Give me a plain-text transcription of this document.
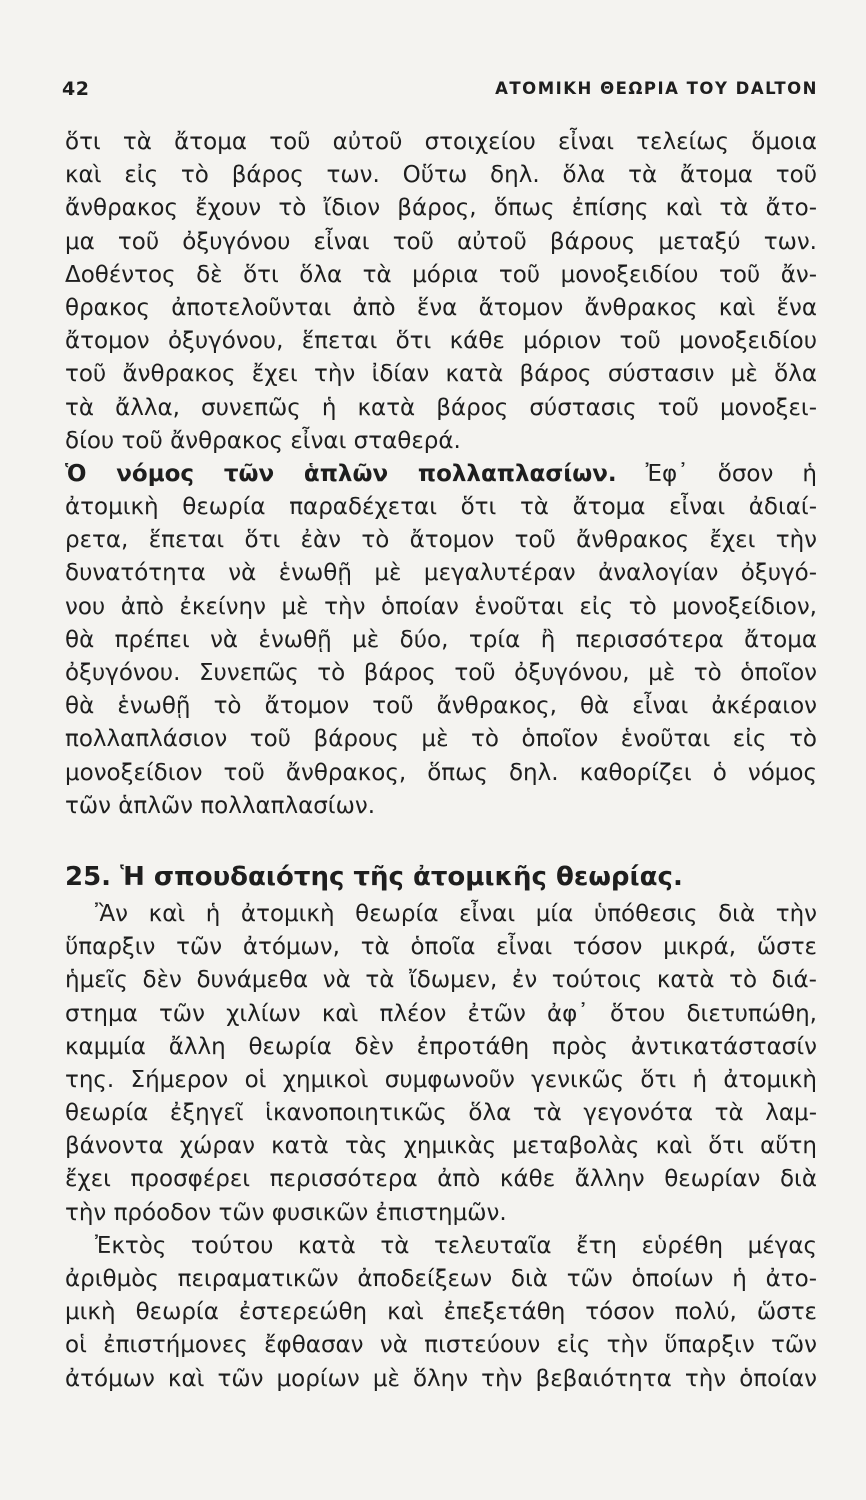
42	ΑΤΟΜΙΚΗ ΘΕΩΡΙΑ ΤΟΥ DALTON
ὅτι τὰ ἄτομα τοῦ αὐτοῦ στοιχείου εἶναι τελείως ὅμοια
καὶ εἰς τὸ βάρος των. Οὕτω δηλ. ὅλα τὰ ἄτομα τοῦ
ἄνθρακος ἔχουν τὸ ἴδιον βάρος, ὅπως ἐπίσης καὶ τὰ ἄτο-
μα τοῦ ὀξυγόνου εἶναι τοῦ αὐτοῦ βάρους μεταξύ των.
Δοθέντος δὲ ὅτι ὅλα τὰ μόρια τοῦ μονοξειδίου τοῦ ἄν-
θρακος ἀποτελοῦνται ἀπὸ ἕνα ἄτομον ἄνθρακος καὶ ἕνα
ἄτομον ὀξυγόνου, ἕπεται ὅτι κάθε μόριον τοῦ μονοξειδίου
τοῦ ἄνθρακος ἔχει τὴν ἰδίαν κατὰ βάρος σύστασιν μὲ ὅλα
τὰ ἄλλα, συνεπῶς ἡ κατὰ βάρος σύστασις τοῦ μονοξει-
δίου τοῦ ἄνθρακος εἶναι σταθερά.
Ὁ νόμος τῶν ἁπλῶν πολλαπλασίων. Ἐφ᾽ ὅσον ἡ
ἀτομικὴ θεωρία παραδέχεται ὅτι τὰ ἄτομα εἶναι ἀδιαί-
ρετα, ἕπεται ὅτι ἐὰν τὸ ἄτομον τοῦ ἄνθρακος ἔχει τὴν
δυνατότητα νὰ ἑνωθῇ μὲ μεγαλυτέραν ἀναλογίαν ὀξυγό-
νου ἀπὸ ἐκείνην μὲ τὴν ὁποίαν ἑνοῦται εἰς τὸ μονοξείδιον,
θὰ πρέπει νὰ ἑνωθῇ μὲ δύο, τρία ἢ περισσότερα ἄτομα
ὀξυγόνου. Συνεπῶς τὸ βάρος τοῦ ὀξυγόνου, μὲ τὸ ὁποῖον
θὰ ἑνωθῇ τὸ ἄτομον τοῦ ἄνθρακος, θὰ εἶναι ἀκέραιον
πολλαπλάσιον τοῦ βάρους μὲ τὸ ὁποῖον ἑνοῦται εἰς τὸ
μονοξείδιον τοῦ ἄνθρακος, ὅπως δηλ. καθορίζει ὁ νόμος
τῶν ἁπλῶν πολλαπλασίων.
25. Ἡ σπουδαιότης τῆς ἀτομικῆς θεωρίας.
Ἂν καὶ ἡ ἀτομικὴ θεωρία εἶναι μία ὑπόθεσις διὰ τὴν
ὕπαρξιν τῶν ἀτόμων, τὰ ὁποῖα εἶναι τόσον μικρά, ὥστε
ἡμεῖς δὲν δυνάμεθα νὰ τὰ ἴδωμεν, ἐν τούτοις κατὰ τὸ διά-
στημα τῶν χιλίων καὶ πλέον ἐτῶν ἀφ᾽ ὅτου διετυπώθη,
καμμία ἄλλη θεωρία δὲν ἐπροτάθη πρὸς ἀντικατάστασίν
της. Σήμερον οἱ χημικοὶ συμφωνοῦν γενικῶς ὅτι ἡ ἀτομικὴ
θεωρία ἐξηγεῖ ἱκανοποιητικῶς ὅλα τὰ γεγονότα τὰ λαμ-
βάνοντα χώραν κατὰ τὰς χημικὰς μεταβολὰς καὶ ὅτι αὕτη
ἔχει προσφέρει περισσότερα ἀπὸ κάθε ἄλλην θεωρίαν διὰ
τὴν πρόοδον τῶν φυσικῶν ἐπιστημῶν.
Ἐκτὸς τούτου κατὰ τὰ τελευταῖα ἔτη εὑρέθη μέγας
ἀριθμὸς πειραματικῶν ἀποδείξεων διὰ τῶν ὁποίων ἡ ἀτο-
μικὴ θεωρία ἐστερεώθη καὶ ἐπεξετάθη τόσον πολύ, ὥστε
οἱ ἐπιστήμονες ἔφθασαν νὰ πιστεύουν εἰς τὴν ὕπαρξιν τῶν
ἀτόμων καὶ τῶν μορίων μὲ ὅλην τὴν βεβαιότητα τὴν ὁποίαν
